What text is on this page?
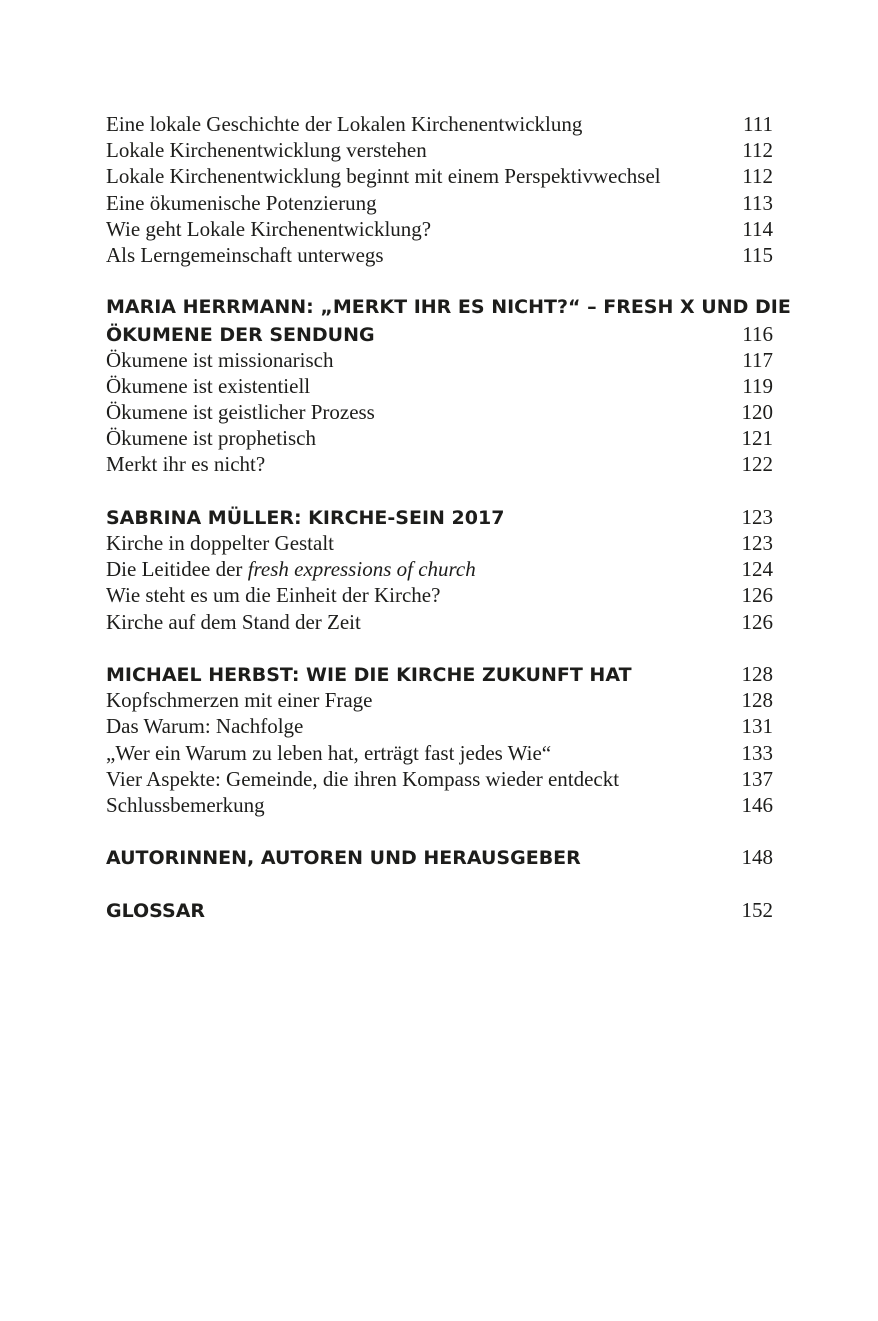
Eine lokale Geschichte der Lokalen Kirchenentwicklung	111
Lokale Kirchenentwicklung verstehen	112
Lokale Kirchenentwicklung beginnt mit einem Perspektivwechsel	112
Eine ökumenische Potenzierung	113
Wie geht Lokale Kirchenentwicklung?	114
Als Lerngemeinschaft unterwegs	115
MARIA HERRMANN: „MERKT IHR ES NICHT?“ – FRESH X UND DIE
ÖKUMENE DER SENDUNG	116
Ökumene ist missionarisch	117
Ökumene ist existentiell	119
Ökumene ist geistlicher Prozess	120
Ökumene ist prophetisch	121
Merkt ihr es nicht?	122
SABRINA MÜLLER: KIRCHE-SEIN 2017	123
Kirche in doppelter Gestalt	123
Die Leitidee der fresh expressions of church	124
Wie steht es um die Einheit der Kirche?	126
Kirche auf dem Stand der Zeit	126
MICHAEL HERBST: WIE DIE KIRCHE ZUKUNFT HAT	128
Kopfschmerzen mit einer Frage	128
Das Warum: Nachfolge	131
„Wer ein Warum zu leben hat, erträgt fast jedes Wie“	133
Vier Aspekte: Gemeinde, die ihren Kompass wieder entdeckt	137
Schlussbemerkung	146
AUTORINNEN, AUTOREN UND HERAUSGEBER	148
GLOSSAR	152
